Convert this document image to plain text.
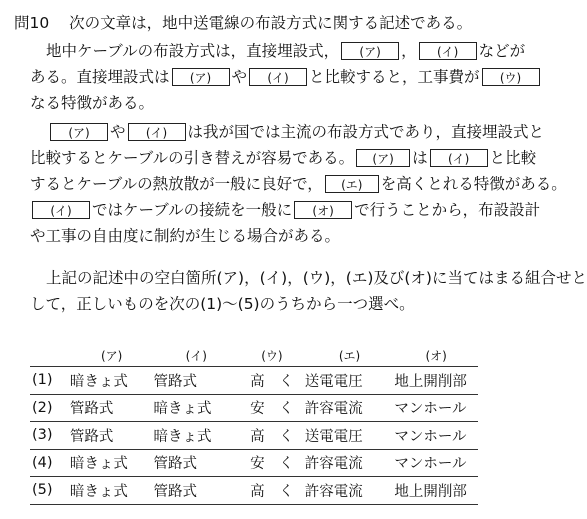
問10 次の文章は，地中送電線の布設方式に関する記述である。
地中ケーブルの布設方式は，直接埋設式， (ア) ， (イ) などが
ある。直接埋設式は (ア) や (イ) と比較すると，工事費が (ウ)
なる特徴がある。
(ア) や (イ) は我が国では主流の布設方式であり，直接埋設式と
比較するとケーブルの引き替えが容易である。 (ア) は (イ) と比較
するとケーブルの熱放散が一般に良好で， (エ) を高くとれる特徴がある。
(イ) ではケーブルの接続を一般に (オ) で行うことから，布設設計
や工事の自由度に制約が生じる場合がある。
上記の記述中の空白箇所(ア)，(イ)，(ウ)，(エ)及び(オ)に当てはまる組合せと
して，正しいものを次の(1)～(5)のうちから一つ選べ。
	(ア)	(イ)	(ウ)	(エ)	(オ)
(1)	暗きょ式	管路式	高　く	送電電圧	地上開削部
(2)	管路式	暗きょ式	安　く	許容電流	マンホール
(3)	管路式	暗きょ式	高　く	送電電圧	マンホール
(4)	暗きょ式	管路式	安　く	許容電流	マンホール
(5)	暗きょ式	管路式	高　く	許容電流	地上開削部
